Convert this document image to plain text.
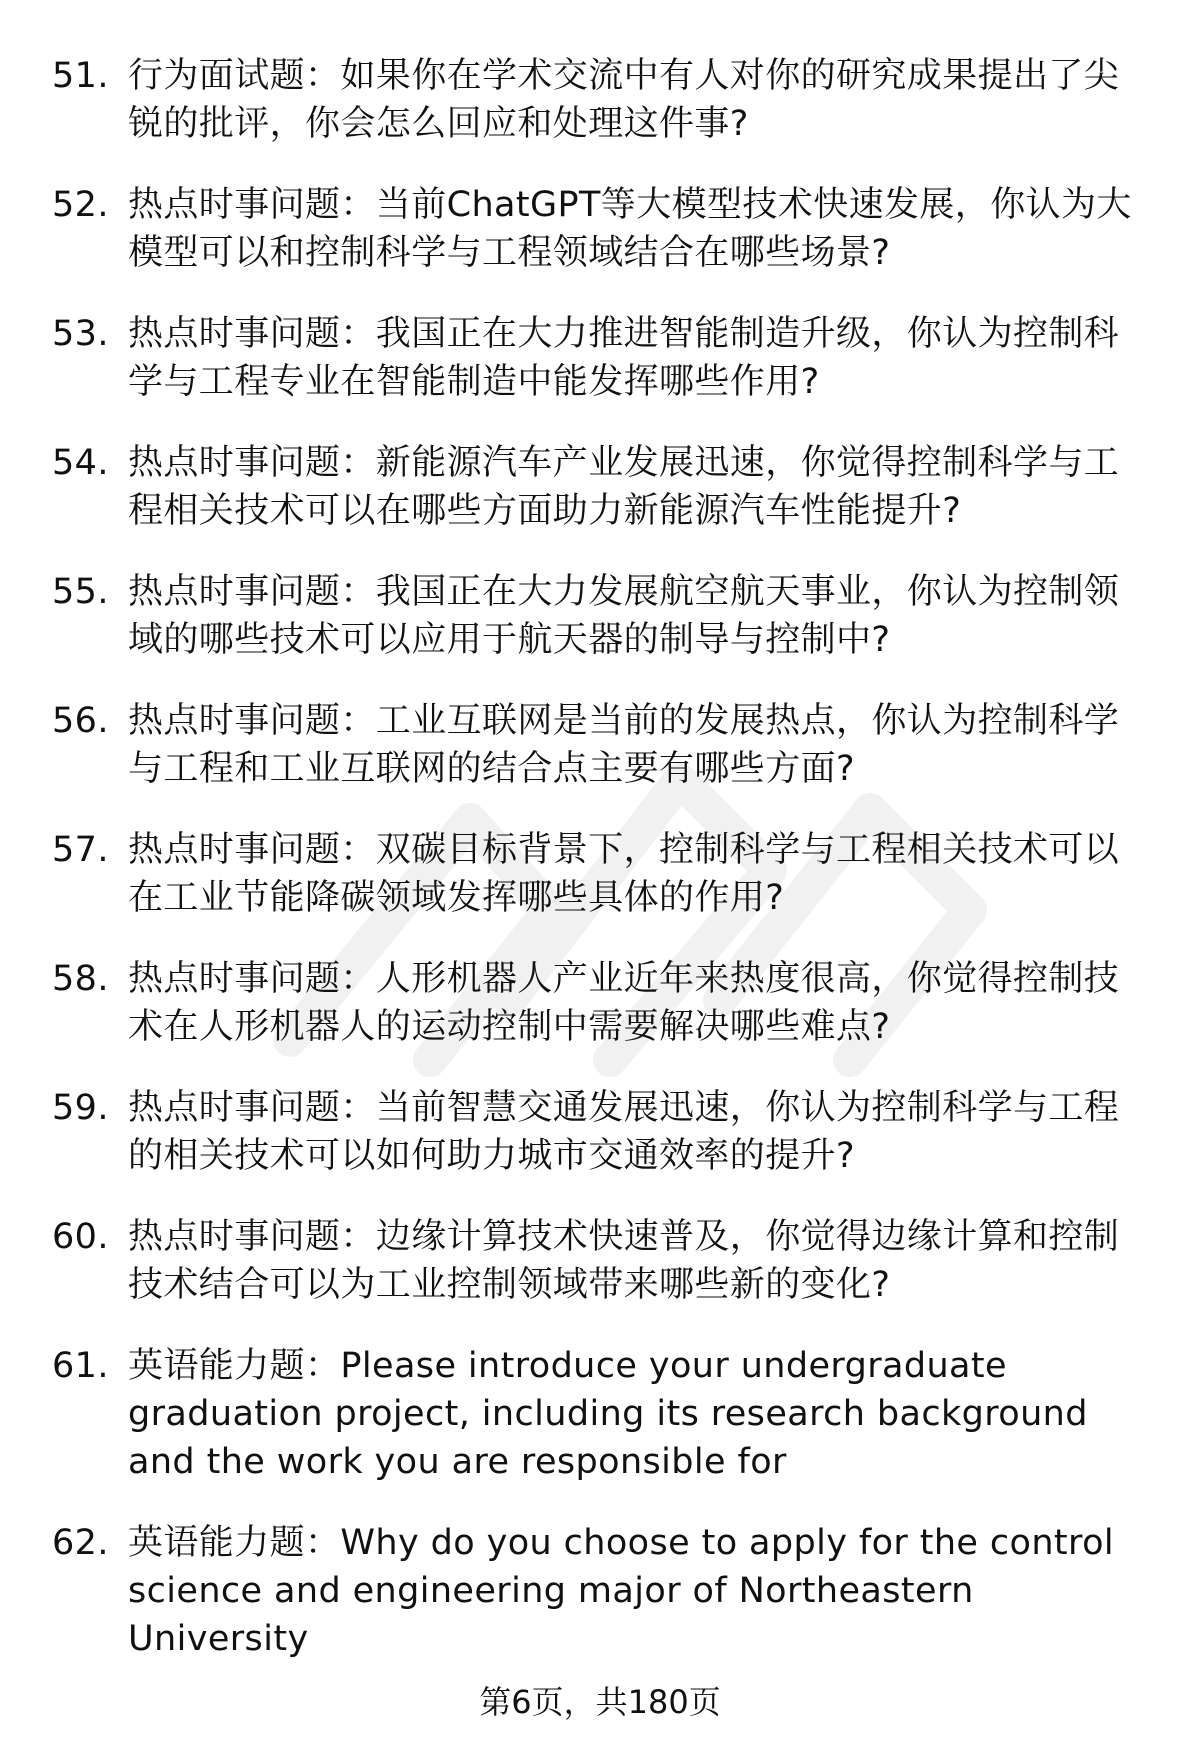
51. 行为面试题：如果你在学术交流中有人对你的研究成果提出了尖锐的批评，你会怎么回应和处理这件事?
52. 热点时事问题：当前ChatGPT等大模型技术快速发展，你认为大模型可以和控制科学与工程领域结合在哪些场景?
53. 热点时事问题：我国正在大力推进智能制造升级，你认为控制科学与工程专业在智能制造中能发挥哪些作用?
54. 热点时事问题：新能源汽车产业发展迅速，你觉得控制科学与工程相关技术可以在哪些方面助力新能源汽车性能提升?
55. 热点时事问题：我国正在大力发展航空航天事业，你认为控制领域的哪些技术可以应用于航天器的制导与控制中?
56. 热点时事问题：工业互联网是当前的发展热点，你认为控制科学与工程和工业互联网的结合点主要有哪些方面?
57. 热点时事问题：双碳目标背景下，控制科学与工程相关技术可以在工业节能降碳领域发挥哪些具体的作用?
58. 热点时事问题：人形机器人产业近年来热度很高，你觉得控制技术在人形机器人的运动控制中需要解决哪些难点?
59. 热点时事问题：当前智慧交通发展迅速，你认为控制科学与工程的相关技术可以如何助力城市交通效率的提升?
60. 热点时事问题：边缘计算技术快速普及，你觉得边缘计算和控制技术结合可以为工业控制领域带来哪些新的变化?
61. 英语能力题：Please introduce your undergraduate graduation project, including its research background and the work you are responsible for
62. 英语能力题：Why do you choose to apply for the control science and engineering major of Northeastern University
第6页，共180页
